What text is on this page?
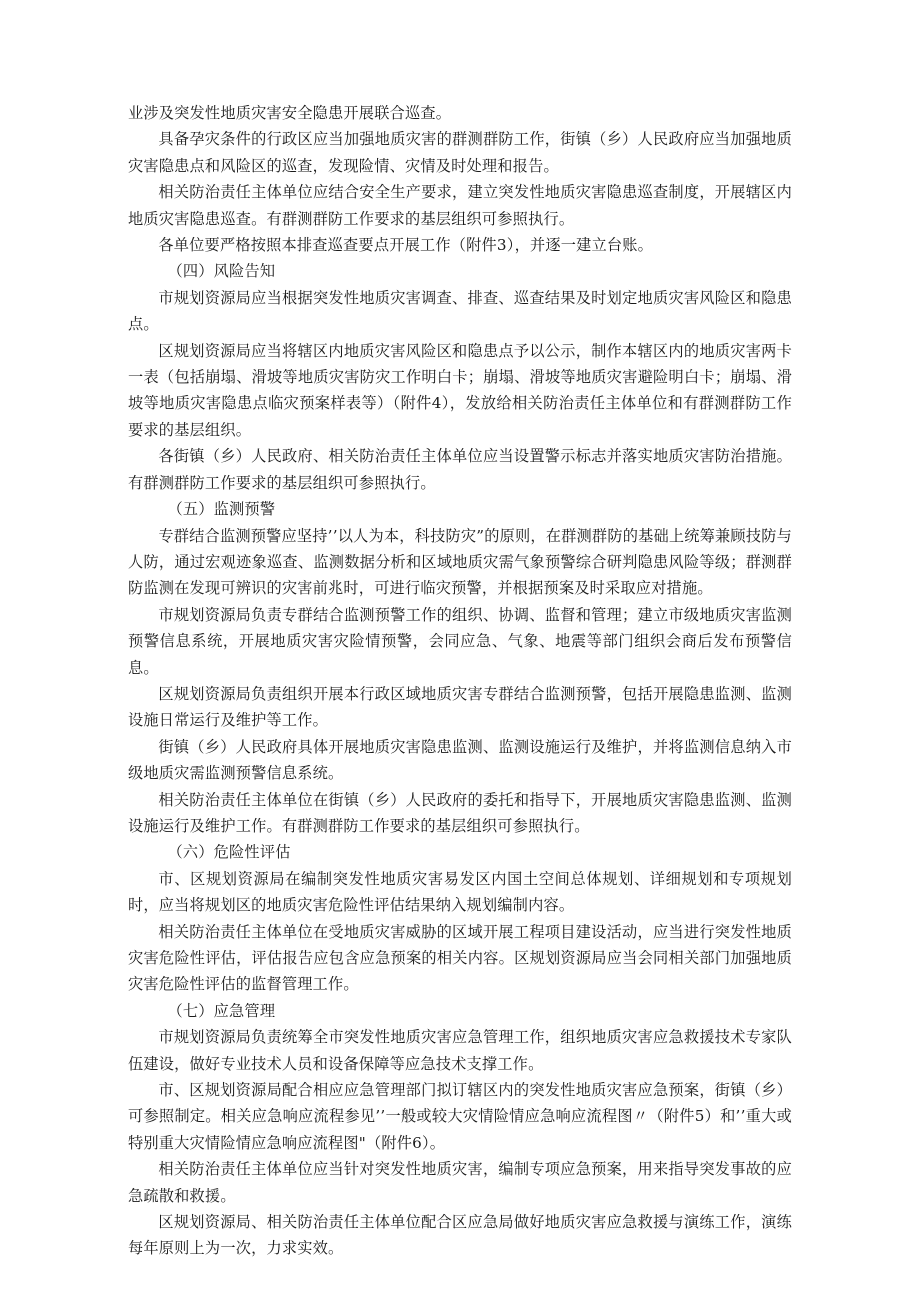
业涉及突发性地质灾害安全隐患开展联合巡查。

具备孕灾条件的行政区应当加强地质灾害的群测群防工作，街镇（乡）人民政府应当加强地质灾害隐患点和风险区的巡查，发现险情、灾情及时处理和报告。

相关防治责任主体单位应结合安全生产要求，建立突发性地质灾害隐患巡查制度，开展辖区内地质灾害隐患巡查。有群测群防工作要求的基层组织可参照执行。

各单位要严格按照本排查巡查要点开展工作（附件3），并逐一建立台账。

（四）风险告知

市规划资源局应当根据突发性地质灾害调查、排查、巡查结果及时划定地质灾害风险区和隐患点。

区规划资源局应当将辖区内地质灾害风险区和隐患点予以公示，制作本辖区内的地质灾害两卡一表（包括崩塌、滑坡等地质灾害防灾工作明白卡；崩塌、滑坡等地质灾害避险明白卡；崩塌、滑坡等地质灾害隐患点临灾预案样表等）（附件4），发放给相关防治责任主体单位和有群测群防工作要求的基层组织。

各街镇（乡）人民政府、相关防治责任主体单位应当设置警示标志并落实地质灾害防治措施。有群测群防工作要求的基层组织可参照执行。

（五）监测预警

专群结合监测预警应坚持’’以人为本，科技防灾”的原则，在群测群防的基础上统筹兼顾技防与人防，通过宏观迹象巡查、监测数据分析和区域地质灾需气象预警综合研判隐患风险等级；群测群防监测在发现可辨识的灾害前兆时，可进行临灾预警，并根据预案及时采取应对措施。

市规划资源局负责专群结合监测预警工作的组织、协调、监督和管理；建立市级地质灾害监测预警信息系统，开展地质灾害灾险情预警，会同应急、气象、地震等部门组织会商后发布预警信息。

区规划资源局负责组织开展本行政区域地质灾害专群结合监测预警，包括开展隐患监测、监测设施日常运行及维护等工作。

街镇（乡）人民政府具体开展地质灾害隐患监测、监测设施运行及维护，并将监测信息纳入市级地质灾需监测预警信息系统。

相关防治责任主体单位在街镇（乡）人民政府的委托和指导下，开展地质灾害隐患监测、监测设施运行及维护工作。有群测群防工作要求的基层组织可参照执行。

（六）危险性评估

市、区规划资源局在编制突发性地质灾害易发区内国土空间总体规划、详细规划和专项规划时，应当将规划区的地质灾害危险性评估结果纳入规划编制内容。

相关防治责任主体单位在受地质灾害威胁的区域开展工程项目建设活动，应当进行突发性地质灾害危险性评估，评估报告应包含应急预案的相关内容。区规划资源局应当会同相关部门加强地质灾害危险性评估的监督管理工作。

（七）应急管理

市规划资源局负责统筹全市突发性地质灾害应急管理工作，组织地质灾害应急救援技术专家队伍建设，做好专业技术人员和设备保障等应急技术支撑工作。

市、区规划资源局配合相应应急管理部门拟订辖区内的突发性地质灾害应急预案，街镇（乡）可参照制定。相关应急响应流程参见’’一般或较大灾情险情应急响应流程图〃（附件5）和’’重大或特别重大灾情险情应急响应流程图"（附件6）。

相关防治责任主体单位应当针对突发性地质灾害，编制专项应急预案，用来指导突发事故的应急疏散和救援。

区规划资源局、相关防治责任主体单位配合区应急局做好地质灾害应急救援与演练工作，演练每年原则上为一次，力求实效。
